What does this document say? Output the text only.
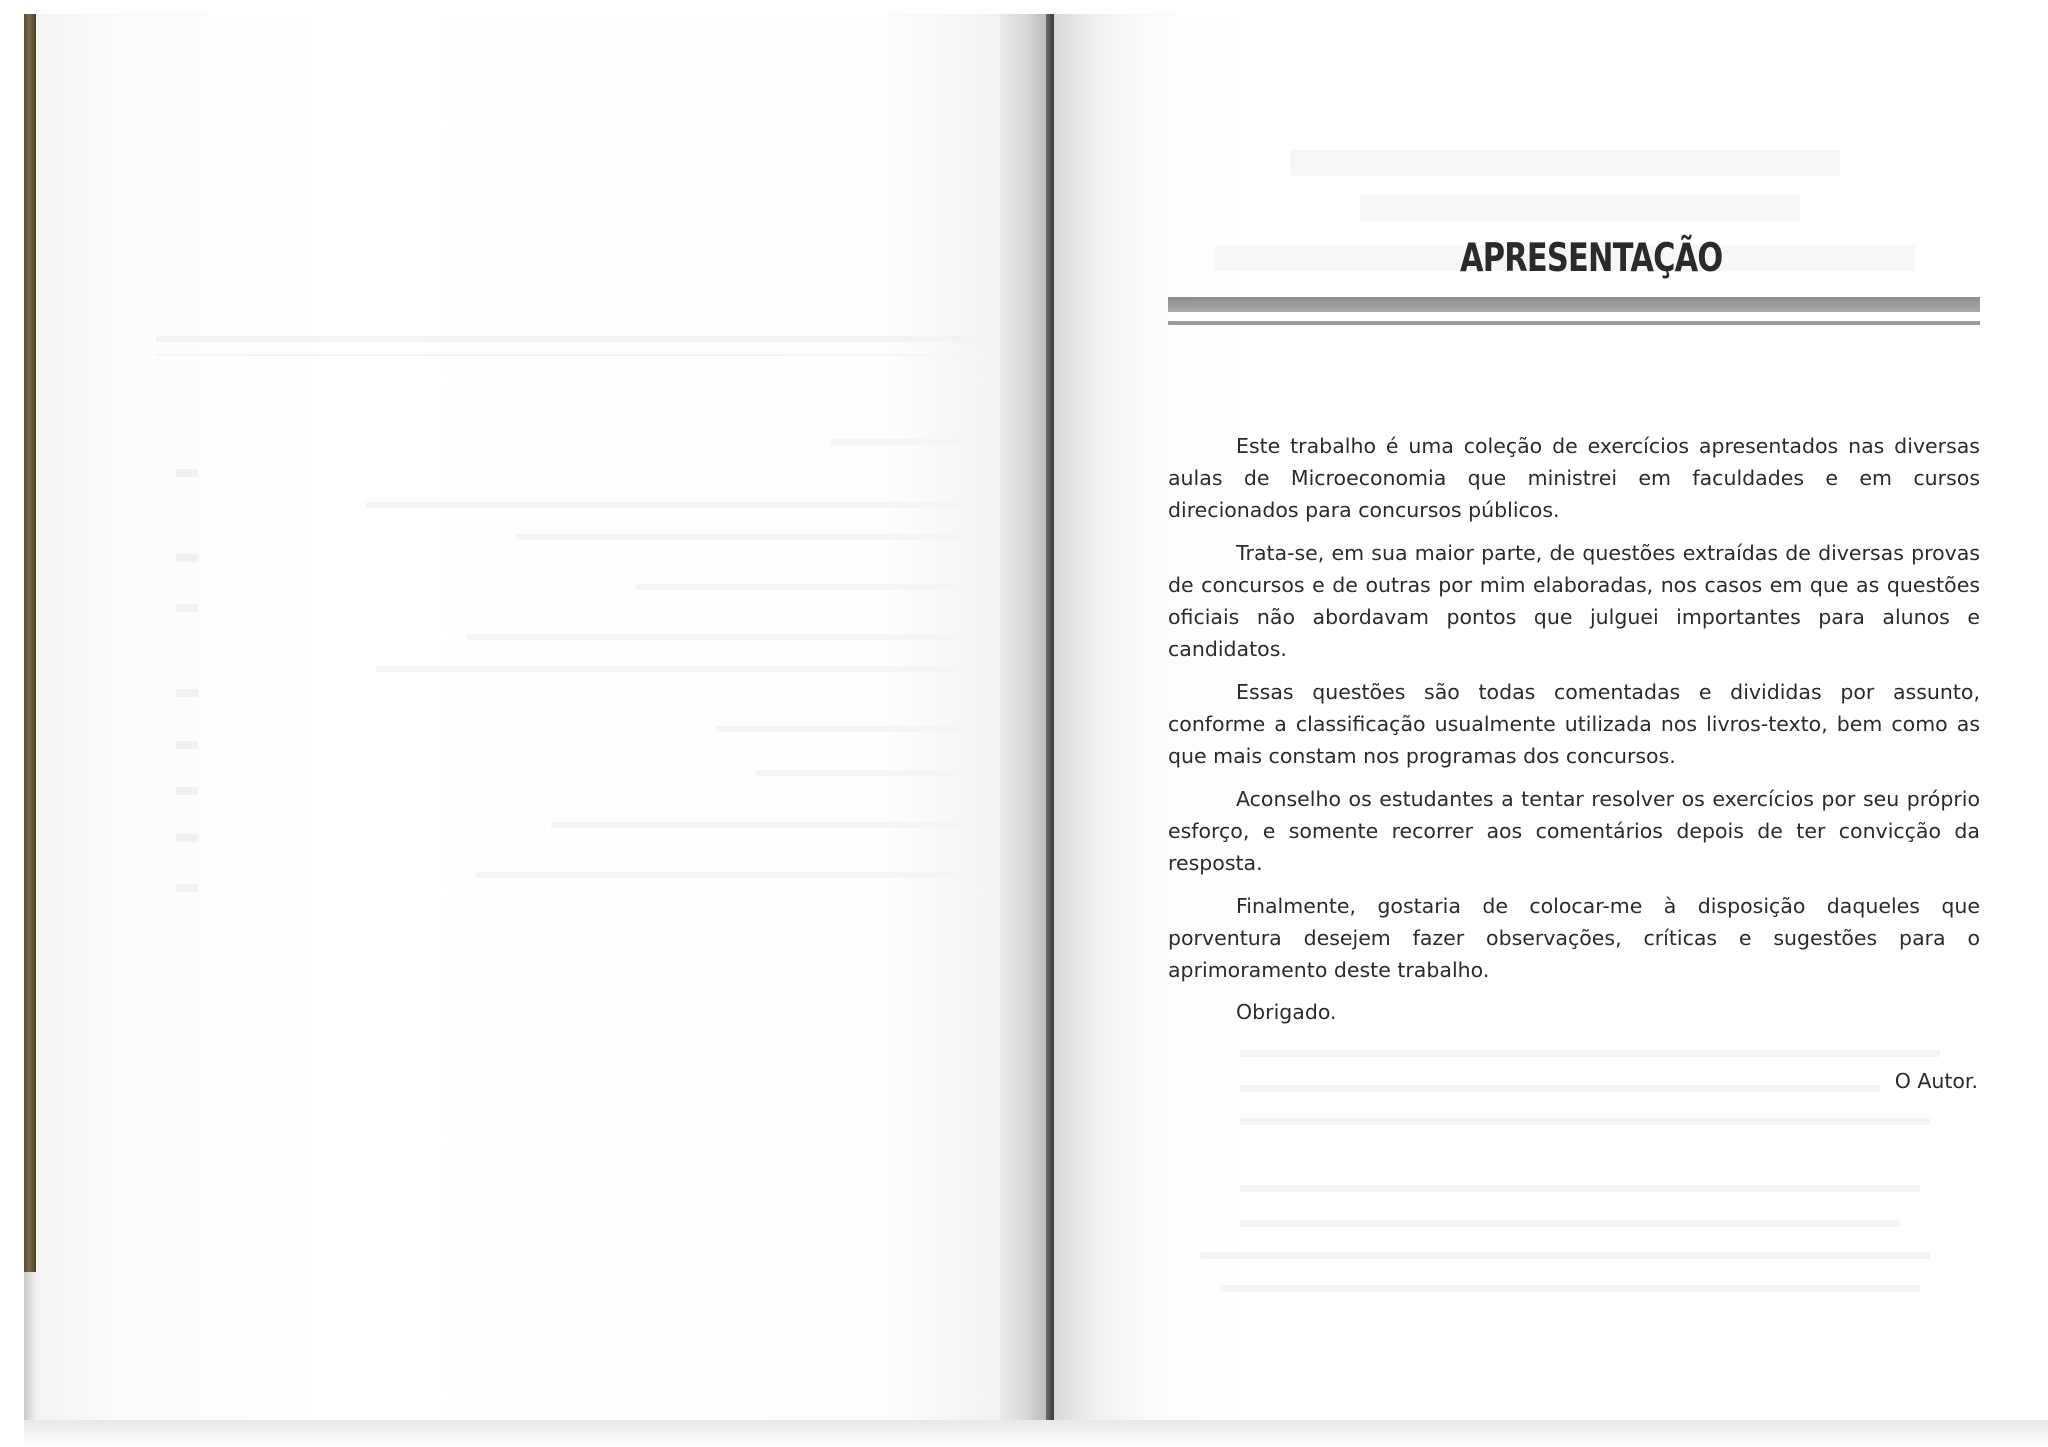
APRESENTAÇÃO

Este trabalho é uma coleção de exercícios apresentados nas diversas aulas de Microeconomia que ministrei em faculdades e em cursos direcionados para concursos públicos.

Trata-se, em sua maior parte, de questões extraídas de diversas provas de concursos e de outras por mim elaboradas, nos casos em que as questões oficiais não abordavam pontos que julguei importantes para alunos e candidatos.

Essas questões são todas comentadas e divididas por assunto, conforme a classificação usualmente utilizada nos livros-texto, bem como as que mais constam nos programas dos concursos.

Aconselho os estudantes a tentar resolver os exercícios por seu próprio esforço, e somente recorrer aos comentários depois de ter convicção da resposta.

Finalmente, gostaria de colocar-me à disposição daqueles que porventura desejem fazer observações, críticas e sugestões para o aprimoramento deste trabalho.

Obrigado.
O Autor.
